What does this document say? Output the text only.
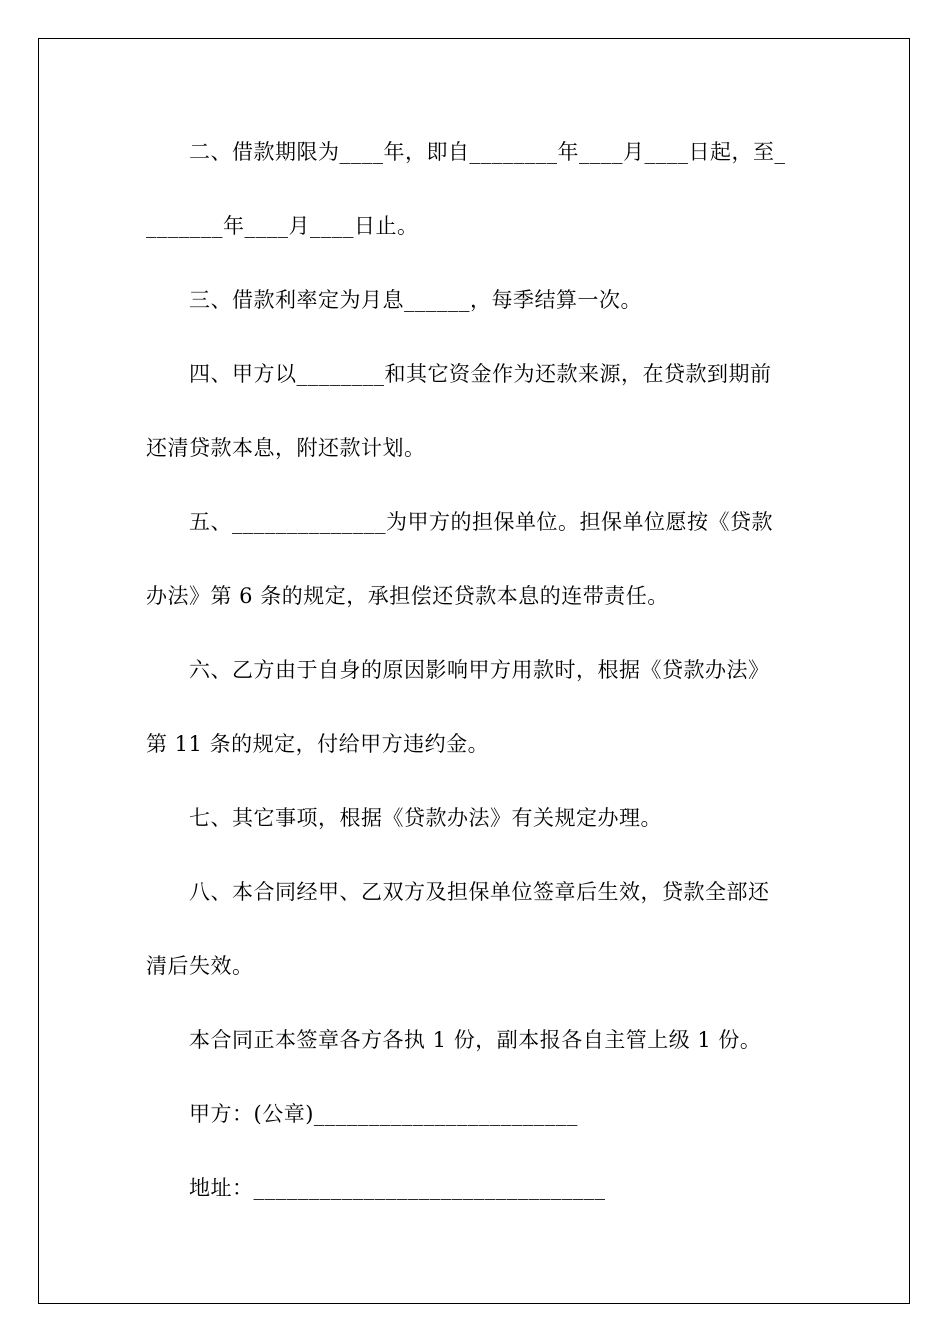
二、借款期限为____年，即自________年____月____日起，至_
_______年____月____日止。
三、借款利率定为月息______，每季结算一次。
四、甲方以________和其它资金作为还款来源，在贷款到期前
还清贷款本息，附还款计划。
五、______________为甲方的担保单位。担保单位愿按《贷款
办法》第 6 条的规定，承担偿还贷款本息的连带责任。
六、乙方由于自身的原因影响甲方用款时，根据《贷款办法》
第 11 条的规定，付给甲方违约金。
七、其它事项，根据《贷款办法》有关规定办理。
八、本合同经甲、乙双方及担保单位签章后生效，贷款全部还
清后失效。
本合同正本签章各方各执 1 份，副本报各自主管上级 1 份。
甲方：(公章)________________________
地址：________________________________
